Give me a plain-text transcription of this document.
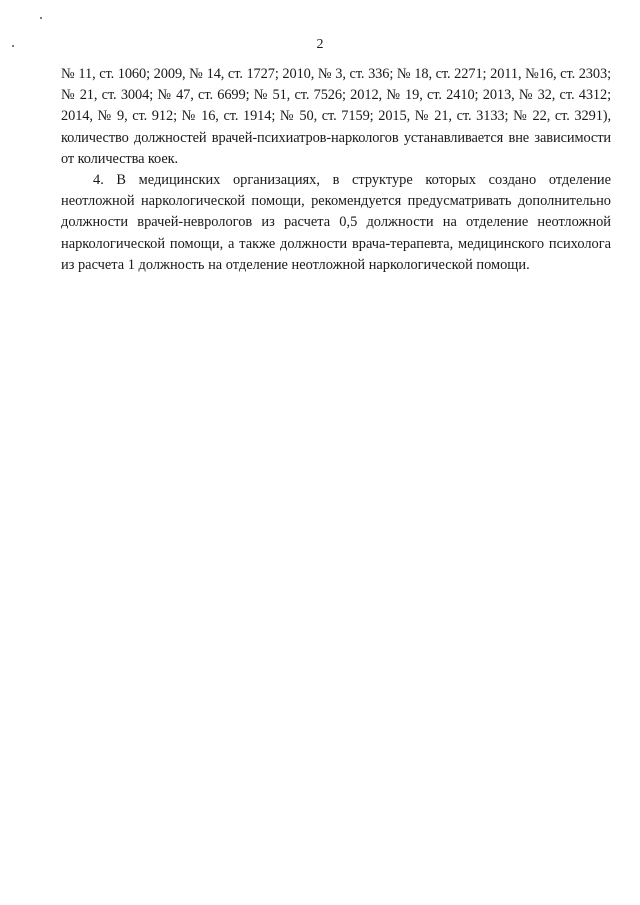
2

№ 11, ст. 1060; 2009, № 14, ст. 1727; 2010, № 3, ст. 336; № 18, ст. 2271; 2011, №16, ст. 2303; № 21, ст. 3004; № 47, ст. 6699; № 51, ст. 7526; 2012, № 19, ст. 2410; 2013, № 32, ст. 4312; 2014, № 9, ст. 912; № 16, ст. 1914; № 50, ст. 7159; 2015, № 21, ст. 3133; № 22, ст. 3291), количество должностей врачей-психиатров-наркологов устанавливается вне зависимости от количества коек.

4. В медицинских организациях, в структуре которых создано отделение неотложной наркологической помощи, рекомендуется предусматривать дополнительно должности врачей-неврологов из расчета 0,5 должности на отделение неотложной наркологической помощи, а также должности врача-терапевта, медицинского психолога из расчета 1 должность на отделение неотложной наркологической помощи.
